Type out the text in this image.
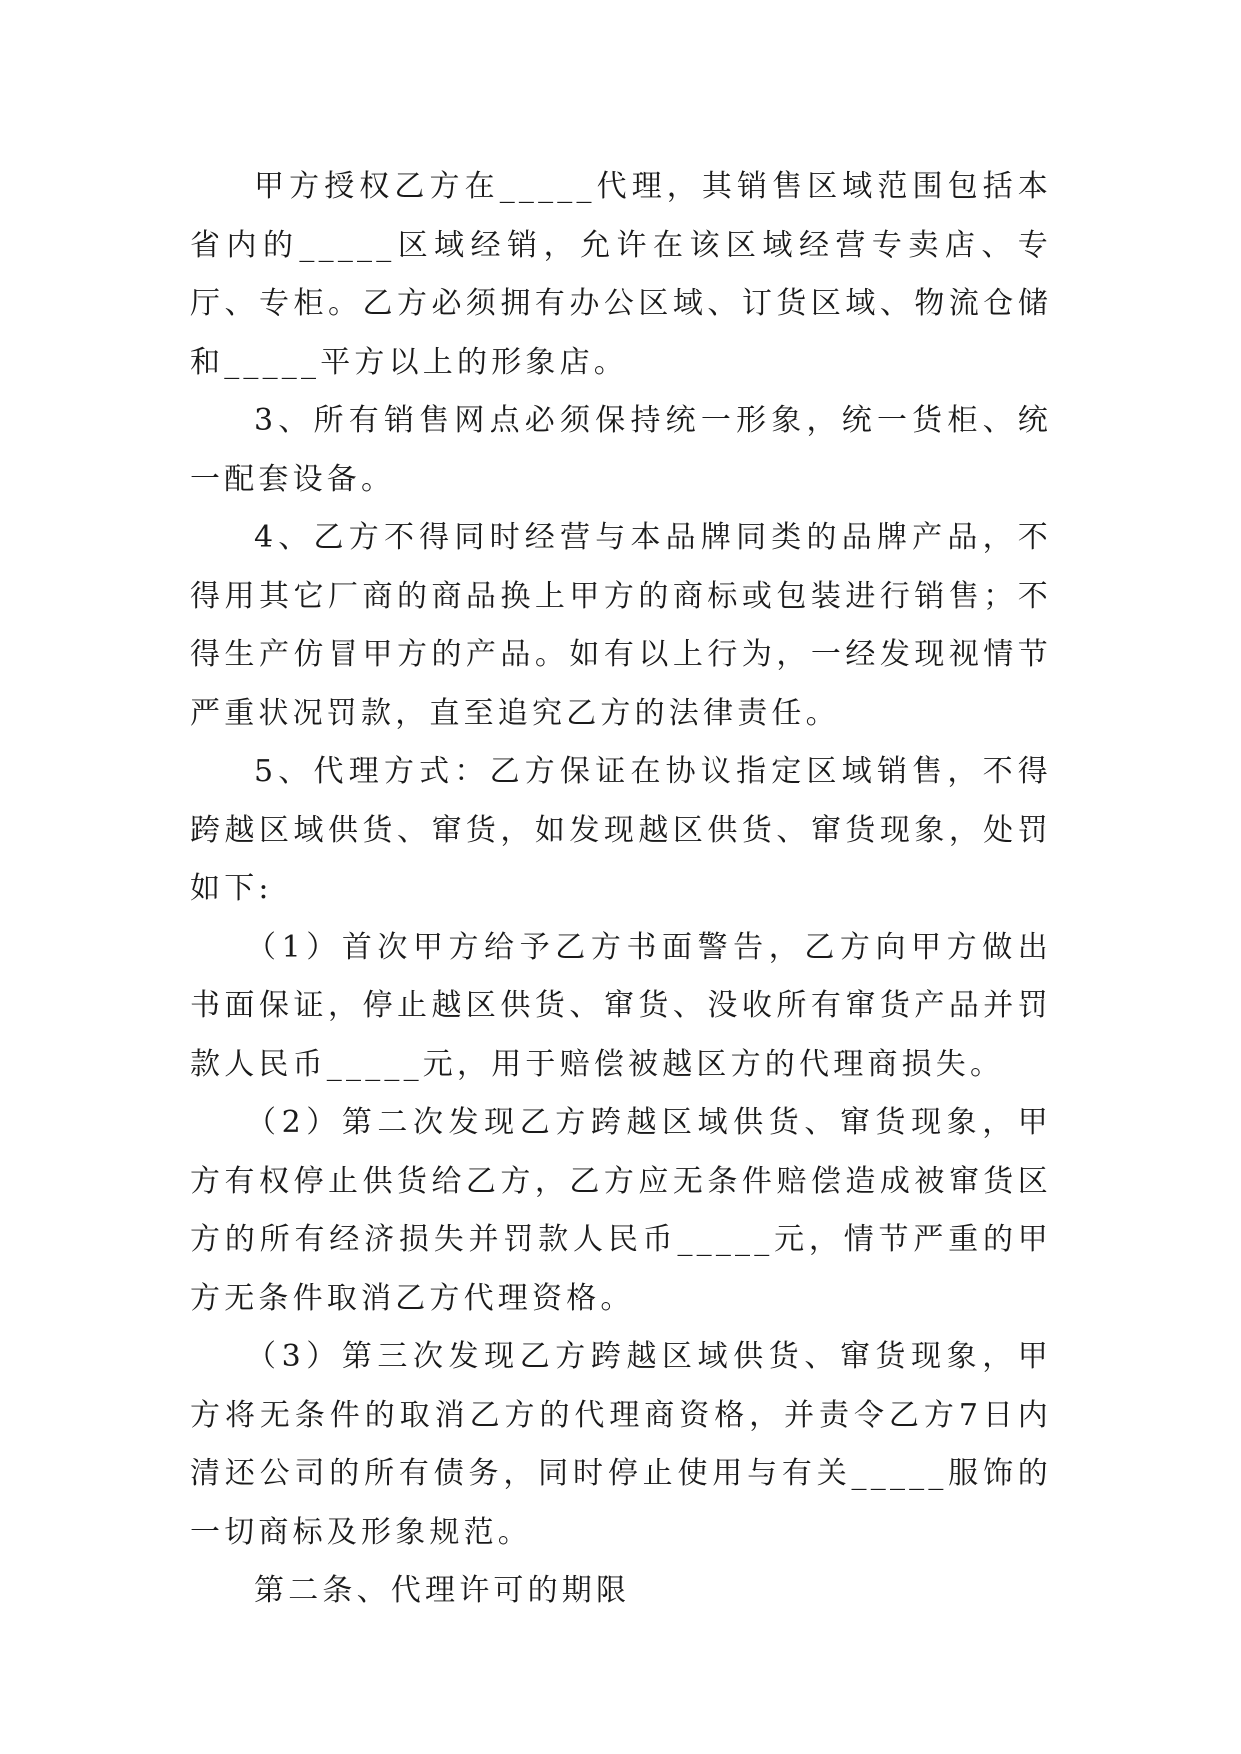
甲方授权乙方在_____代理，其销售区域范围包括本省内的_____区域经销，允许在该区域经营专卖店、专厅、专柜。乙方必须拥有办公区域、订货区域、物流仓储和_____平方以上的形象店。

3、所有销售网点必须保持统一形象，统一货柜、统一配套设备。

4、乙方不得同时经营与本品牌同类的品牌产品，不得用其它厂商的商品换上甲方的商标或包装进行销售；不得生产仿冒甲方的产品。如有以上行为，一经发现视情节严重状况罚款，直至追究乙方的法律责任。

5、代理方式：乙方保证在协议指定区域销售，不得跨越区域供货、窜货，如发现越区供货、窜货现象，处罚如下:

（1）首次甲方给予乙方书面警告，乙方向甲方做出书面保证，停止越区供货、窜货、没收所有窜货产品并罚款人民币_____元，用于赔偿被越区方的代理商损失。

（2）第二次发现乙方跨越区域供货、窜货现象，甲方有权停止供货给乙方，乙方应无条件赔偿造成被窜货区方的所有经济损失并罚款人民币_____元，情节严重的甲方无条件取消乙方代理资格。

（3）第三次发现乙方跨越区域供货、窜货现象，甲方将无条件的取消乙方的代理商资格，并责令乙方7日内清还公司的所有债务，同时停止使用与有关_____服饰的一切商标及形象规范。

第二条、代理许可的期限
